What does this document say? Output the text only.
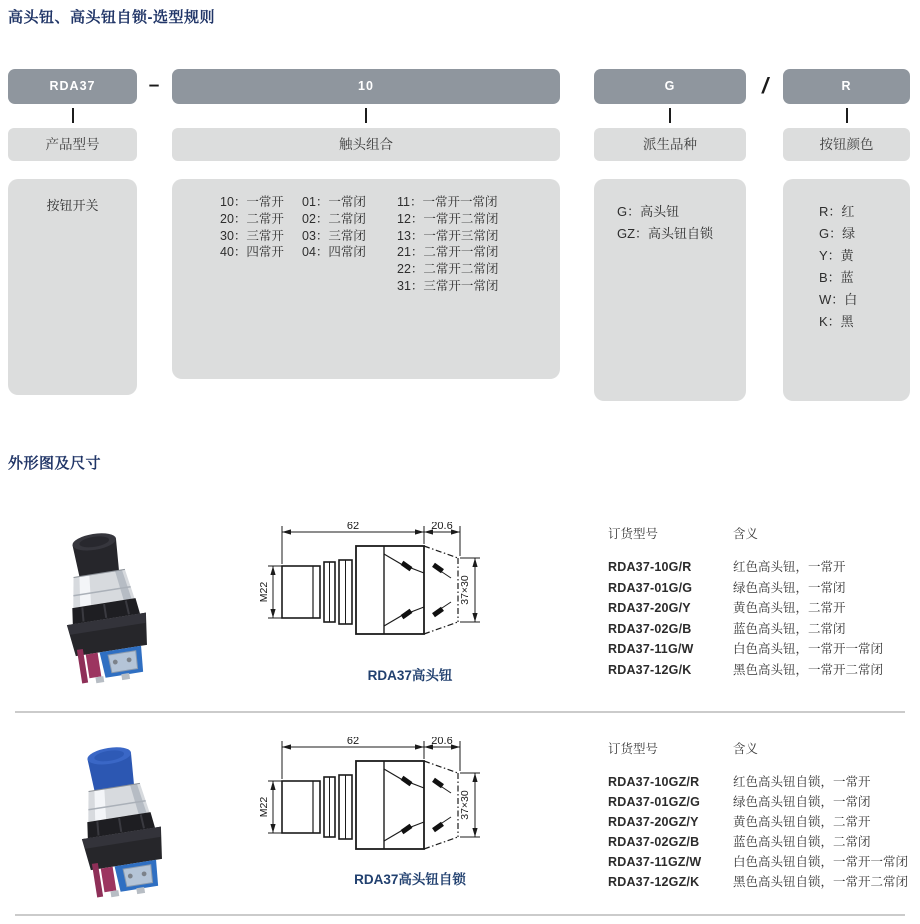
高头钮、高头钮自锁-选型规则
–	/
RDA37
产品型号
按钮开关
10
触头组合
10：一常开
20：二常开
30：三常开
40：四常开
01：一常闭
02：二常闭
03：三常闭
04：四常闭
11：一常开一常闭
12：一常开二常闭
13：一常开三常闭
21：二常开一常闭
22：二常开二常闭
31：三常开一常闭
G
派生品种
G：高头钮
GZ：高头钮自锁
R
按钮颜色
R：红
G：绿
Y：黄
B：蓝
W：白
K：黑
外形图及尺寸
62	20.6
M22	37×30
RDA37高头钮
订货型号	含义
RDA37-10G/R	红色高头钮，一常开
RDA37-01G/G	绿色高头钮，一常闭
RDA37-20G/Y	黄色高头钮，二常开
RDA37-02G/B	蓝色高头钮，二常闭
RDA37-11G/W	白色高头钮，一常开一常闭
RDA37-12G/K	黑色高头钮，一常开二常闭
62	20.6
M22	37×30
RDA37高头钮自锁
订货型号	含义
RDA37-10GZ/R	红色高头钮自锁，一常开
RDA37-01GZ/G	绿色高头钮自锁，一常闭
RDA37-20GZ/Y	黄色高头钮自锁，二常开
RDA37-02GZ/B	蓝色高头钮自锁，二常闭
RDA37-11GZ/W	白色高头钮自锁，一常开一常闭
RDA37-12GZ/K	黑色高头钮自锁，一常开二常闭
